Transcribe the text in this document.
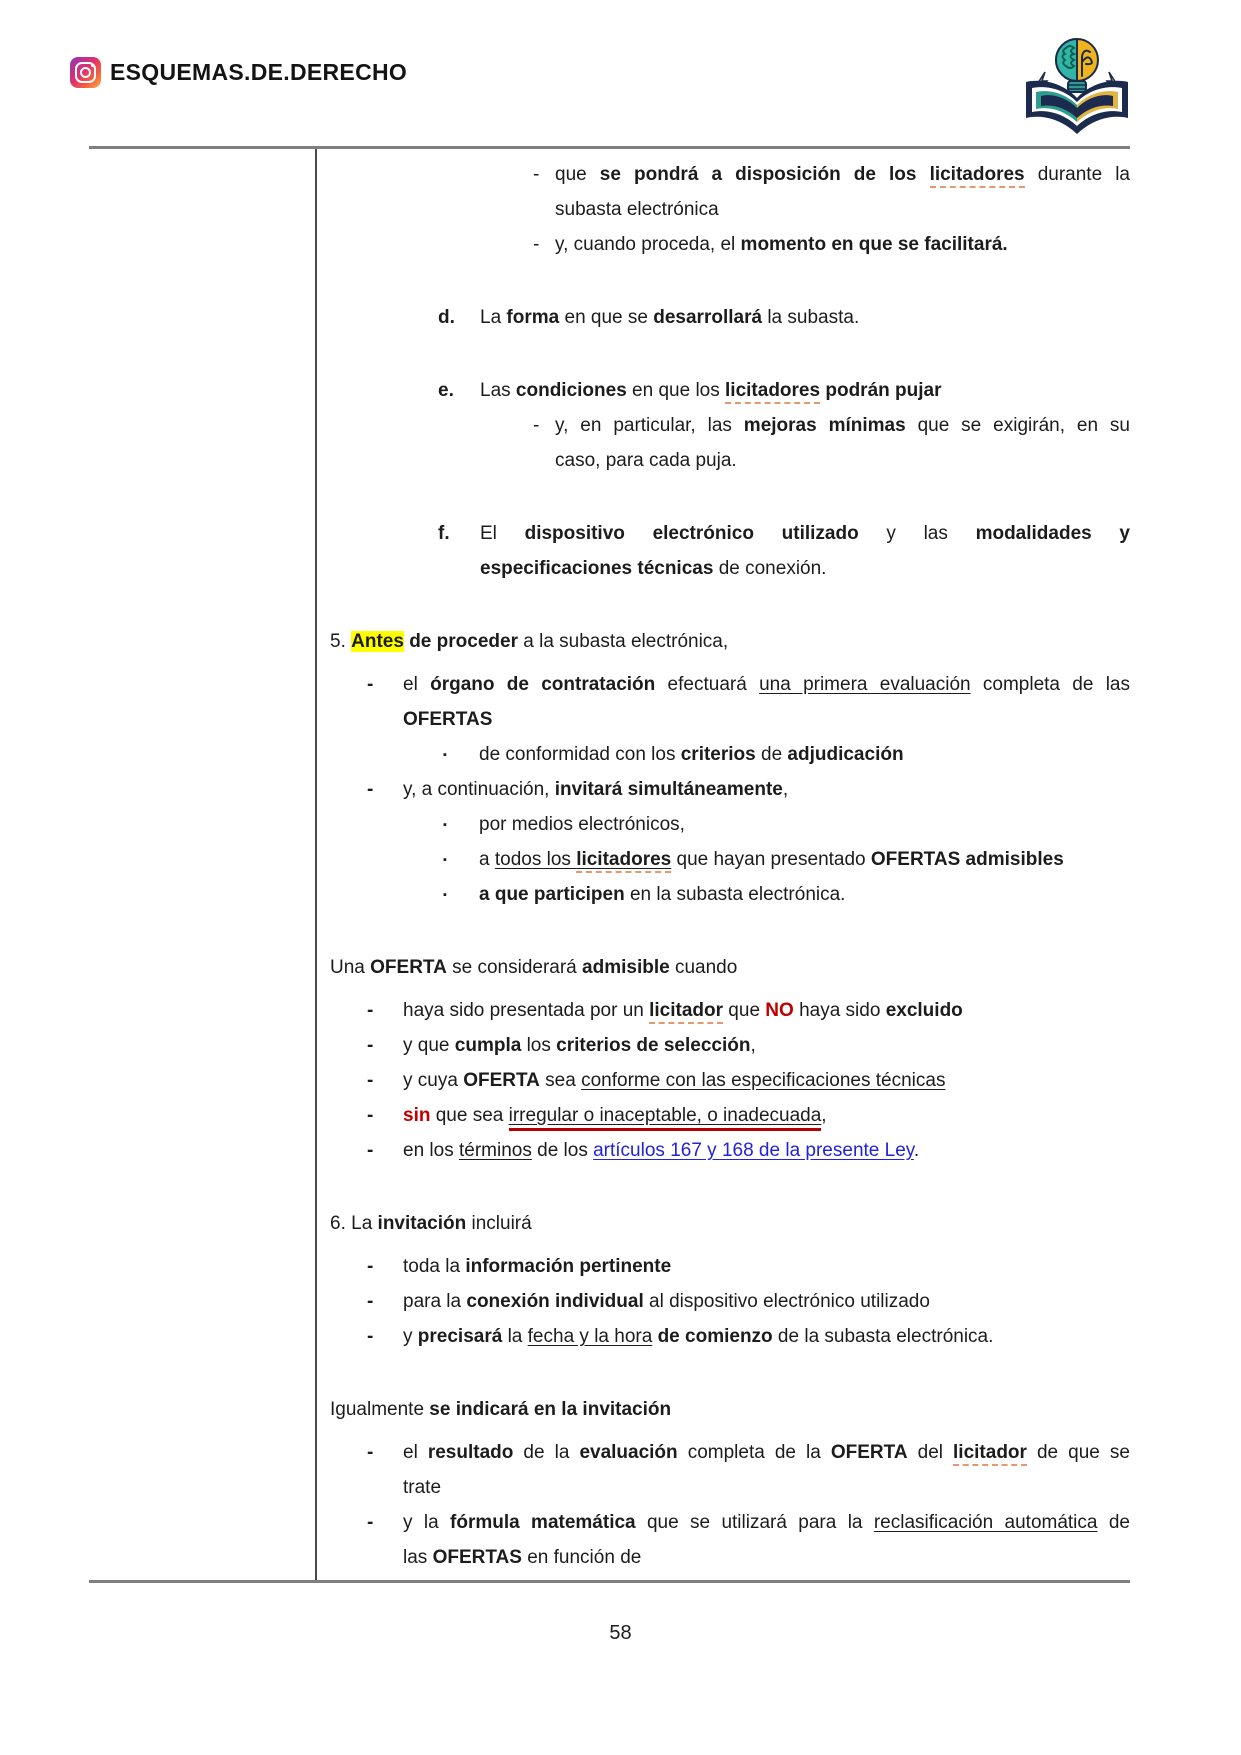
ESQUEMAS.DE.DERECHO
- que se pondrá a disposición de los licitadores durante la
subasta electrónica
- y, cuando proceda, el momento en que se facilitará.
d. La forma en que se desarrollará la subasta.
e. Las condiciones en que los licitadores podrán pujar
- y, en particular, las mejoras mínimas que se exigirán, en su
caso, para cada puja.
f. El dispositivo electrónico utilizado y las modalidades y
especificaciones técnicas de conexión.
5. Antes de proceder a la subasta electrónica,
- el órgano de contratación efectuará una primera evaluación completa de las
OFERTAS
▪ de conformidad con los criterios de adjudicación
- y, a continuación, invitará simultáneamente,
▪ por medios electrónicos,
▪ a todos los licitadores que hayan presentado OFERTAS admisibles
▪ a que participen en la subasta electrónica.
Una OFERTA se considerará admisible cuando
- haya sido presentada por un licitador que NO haya sido excluido
- y que cumpla los criterios de selección,
- y cuya OFERTA sea conforme con las especificaciones técnicas
- sin que sea irregular o inaceptable, o inadecuada,
- en los términos de los artículos 167 y 168 de la presente Ley.
6. La invitación incluirá
- toda la información pertinente
- para la conexión individual al dispositivo electrónico utilizado
- y precisará la fecha y la hora de comienzo de la subasta electrónica.
Igualmente se indicará en la invitación
- el resultado de la evaluación completa de la OFERTA del licitador de que se
trate
- y la fórmula matemática que se utilizará para la reclasificación automática de
las OFERTAS en función de
58
